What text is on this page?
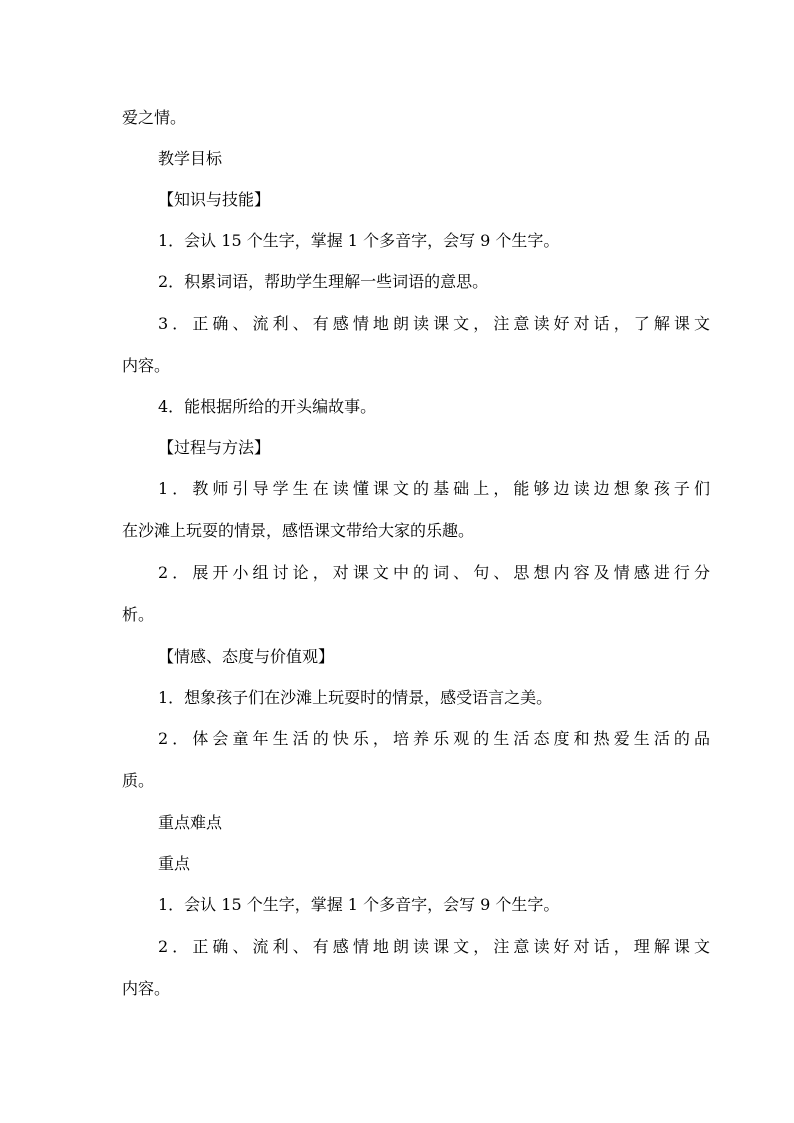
爱之情。
教学目标
【知识与技能】
1．会认 15 个生字，掌握 1 个多音字，会写 9 个生字。
2．积累词语，帮助学生理解一些词语的意思。
3．正确、流利、有感情地朗读课文，注意读好对话，了解课文
内容。
4．能根据所给的开头编故事。
【过程与方法】
1．教师引导学生在读懂课文的基础上，能够边读边想象孩子们
在沙滩上玩耍的情景，感悟课文带给大家的乐趣。
2．展开小组讨论，对课文中的词、句、思想内容及情感进行分
析。
【情感、态度与价值观】
1．想象孩子们在沙滩上玩耍时的情景，感受语言之美。
2．体会童年生活的快乐，培养乐观的生活态度和热爱生活的品
质。
重点难点
重点
1．会认 15 个生字，掌握 1 个多音字，会写 9 个生字。
2．正确、流利、有感情地朗读课文，注意读好对话，理解课文
内容。
